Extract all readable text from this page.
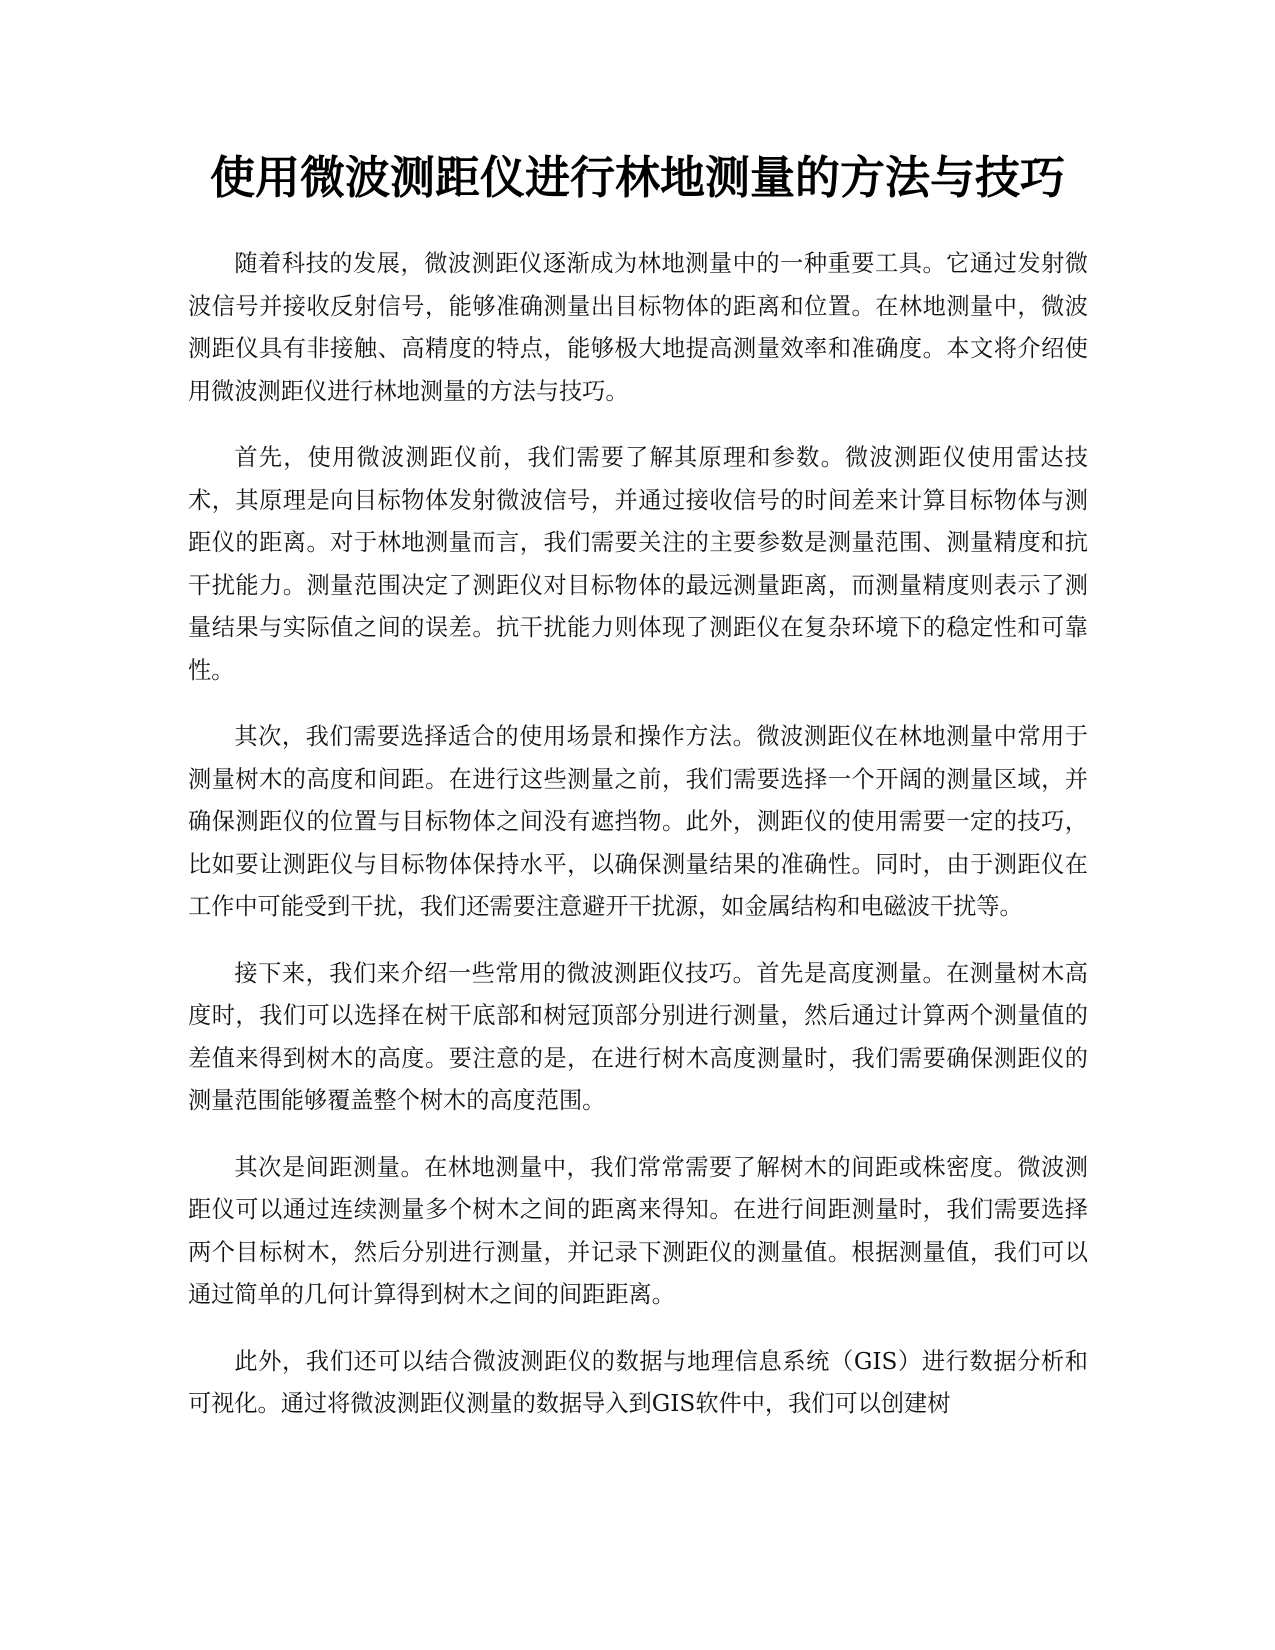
使用微波测距仪进行林地测量的方法与技巧

随着科技的发展，微波测距仪逐渐成为林地测量中的一种重要工具。它通过发射微波信号并接收反射信号，能够准确测量出目标物体的距离和位置。在林地测量中，微波测距仪具有非接触、高精度的特点，能够极大地提高测量效率和准确度。本文将介绍使用微波测距仪进行林地测量的方法与技巧。

首先，使用微波测距仪前，我们需要了解其原理和参数。微波测距仪使用雷达技术，其原理是向目标物体发射微波信号，并通过接收信号的时间差来计算目标物体与测距仪的距离。对于林地测量而言，我们需要关注的主要参数是测量范围、测量精度和抗干扰能力。测量范围决定了测距仪对目标物体的最远测量距离，而测量精度则表示了测量结果与实际值之间的误差。抗干扰能力则体现了测距仪在复杂环境下的稳定性和可靠性。

其次，我们需要选择适合的使用场景和操作方法。微波测距仪在林地测量中常用于测量树木的高度和间距。在进行这些测量之前，我们需要选择一个开阔的测量区域，并确保测距仪的位置与目标物体之间没有遮挡物。此外，测距仪的使用需要一定的技巧，比如要让测距仪与目标物体保持水平，以确保测量结果的准确性。同时，由于测距仪在工作中可能受到干扰，我们还需要注意避开干扰源，如金属结构和电磁波干扰等。

接下来，我们来介绍一些常用的微波测距仪技巧。首先是高度测量。在测量树木高度时，我们可以选择在树干底部和树冠顶部分别进行测量，然后通过计算两个测量值的差值来得到树木的高度。要注意的是，在进行树木高度测量时，我们需要确保测距仪的测量范围能够覆盖整个树木的高度范围。

其次是间距测量。在林地测量中，我们常常需要了解树木的间距或株密度。微波测距仪可以通过连续测量多个树木之间的距离来得知。在进行间距测量时，我们需要选择两个目标树木，然后分别进行测量，并记录下测距仪的测量值。根据测量值，我们可以通过简单的几何计算得到树木之间的间距距离。

此外，我们还可以结合微波测距仪的数据与地理信息系统（GIS）进行数据分析和可视化。通过将微波测距仪测量的数据导入到GIS软件中，我们可以创建树
